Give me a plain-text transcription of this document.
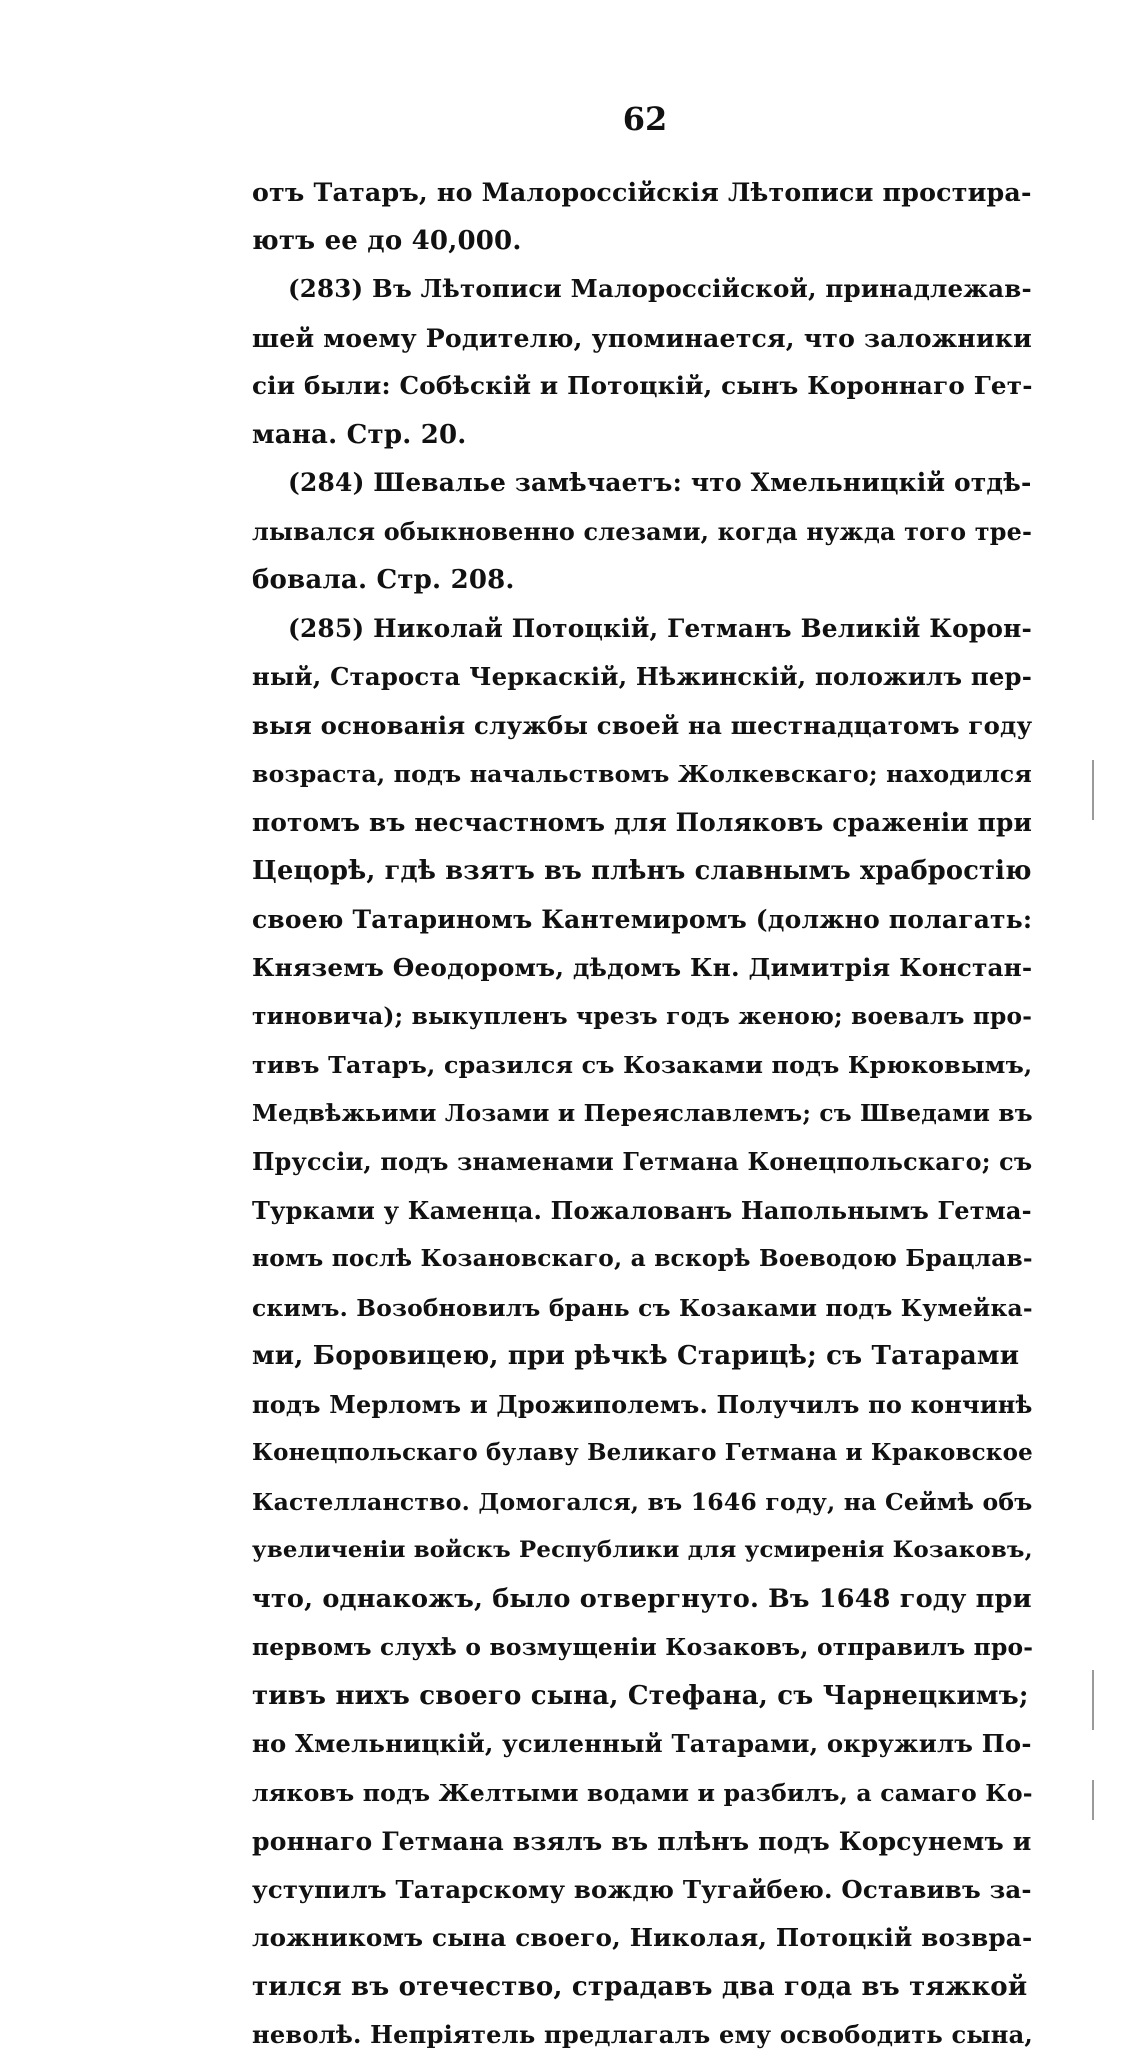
62
отъ Татаръ, но Малороссійскія Лѣтописи простира-
ютъ ее до 40,000.
(283) Въ Лѣтописи Малороссійской, принадлежав-
шей моему Родителю, упоминается, что заложники
сіи были: Собѣскій и Потоцкій, сынъ Короннаго Гет-
мана. Стр. 20.
(284) Шевалье замѣчаетъ: что Хмельницкій отдѣ-
лывался обыкновенно слезами, когда нужда того тре-
бовала. Стр. 208.
(285) Николай Потоцкій, Гетманъ Великій Корон-
ный, Староста Черкаскій, Нѣжинскій, положилъ пер-
выя основанія службы своей на шестнадцатомъ году
возраста, подъ начальствомъ Жолкевскаго; находился
потомъ въ несчастномъ для Поляковъ сраженіи при
Цецорѣ, гдѣ взятъ въ плѣнъ славнымъ храбростію
своею Татариномъ Кантемиромъ (должно полагать:
Княземъ Ѳеодоромъ, дѣдомъ Кн. Димитрія Констан-
тиновича); выкупленъ чрезъ годъ женою; воевалъ про-
тивъ Татаръ, сразился съ Козаками подъ Крюковымъ,
Медвѣжьими Лозами и Переяславлемъ; съ Шведами въ
Пруссіи, подъ знаменами Гетмана Конецпольскаго; съ
Турками у Каменца. Пожалованъ Напольнымъ Гетма-
номъ послѣ Козановскаго, а вскорѣ Воеводою Брацлав-
скимъ. Возобновилъ брань съ Козаками подъ Кумейка-
ми, Боровицею, при рѣчкѣ Старицѣ; съ Татарами
подъ Мерломъ и Дрожиполемъ. Получилъ по кончинѣ
Конецпольскаго булаву Великаго Гетмана и Краковское
Кастелланство. Домогался, въ 1646 году, на Сеймѣ объ
увеличеніи войскъ Республики для усмиренія Козаковъ,
что, однакожъ, было отвергнуто. Въ 1648 году при
первомъ слухѣ о возмущеніи Козаковъ, отправилъ про-
тивъ нихъ своего сына, Стефана, съ Чарнецкимъ;
но Хмельницкій, усиленный Татарами, окружилъ По-
ляковъ подъ Желтыми водами и разбилъ, а самаго Ко-
роннаго Гетмана взялъ въ плѣнъ подъ Корсунемъ и
уступилъ Татарскому вождю Тугайбею. Оставивъ за-
ложникомъ сына своего, Николая, Потоцкій возвра-
тился въ отечество, страдавъ два года въ тяжкой
неволѣ. Непріятель предлагалъ ему освободить сына,
